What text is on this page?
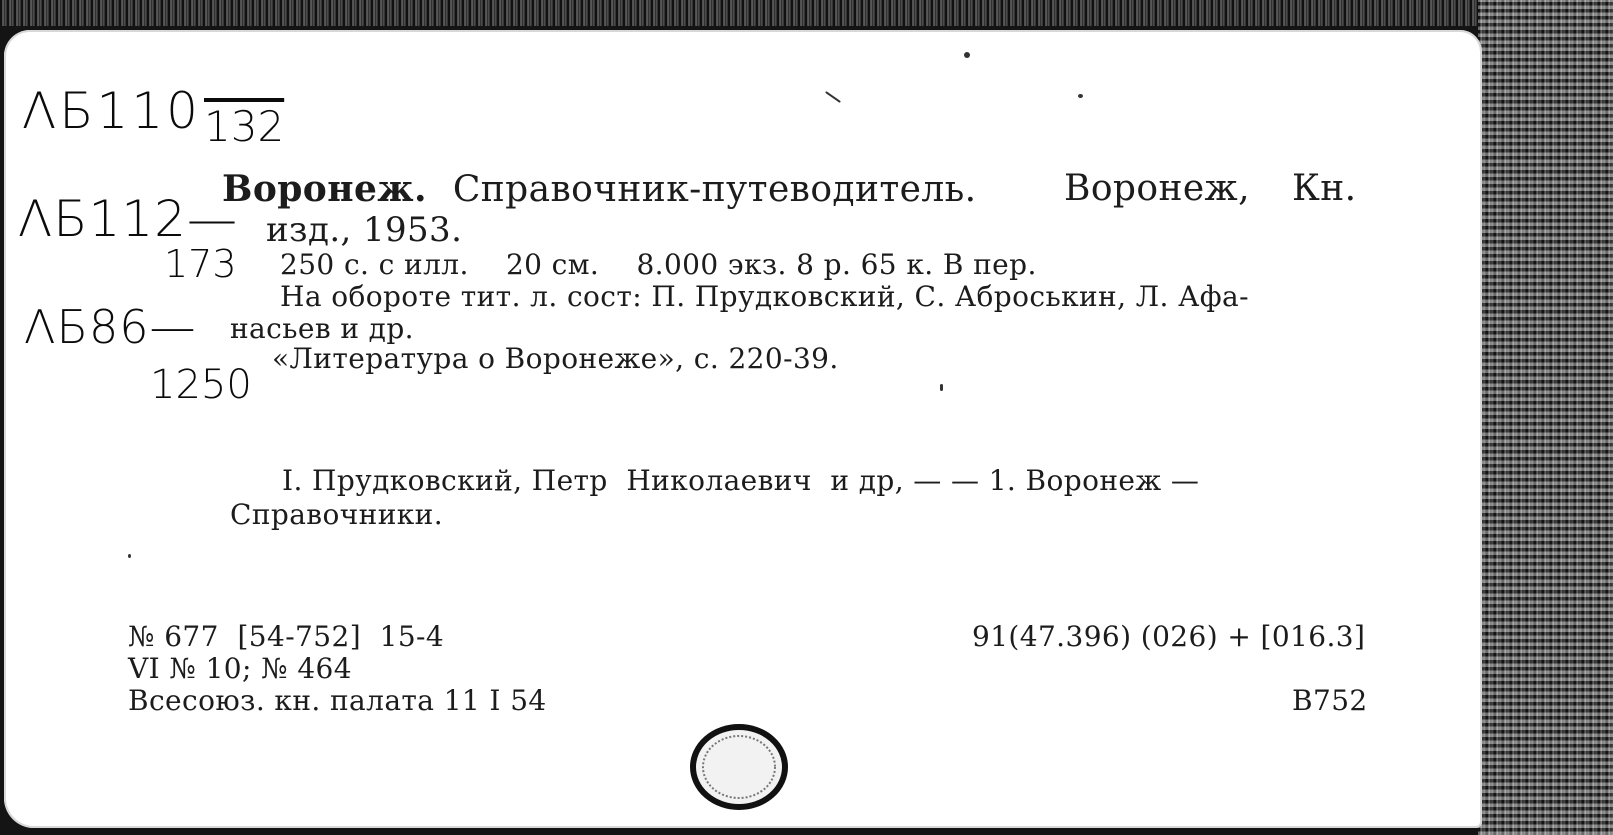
ΛБ110 132

ΛБ112—

173

ΛБ86—

1250

Воронеж. Справочник-путеводитель. Воронеж, Кн.

изд., 1953.

250 с. с илл.    20 см.    8.000 экз. 8 р. 65 к. В пер.

На обороте тит. л. сост: П. Прудковский, С. Аброськин, Л. Афа-

насьев и др.

«Литература о Воронеже», с. 220-39.

I. Прудковский, Петр  Николаевич  и др, — — 1. Воронеж —

Справочники.

№ 677  [54-752]  15-4

VI № 10; № 464

Всесоюз. кн. палата 11 I 54

91(47.396) (026) + [016.3]

В752
